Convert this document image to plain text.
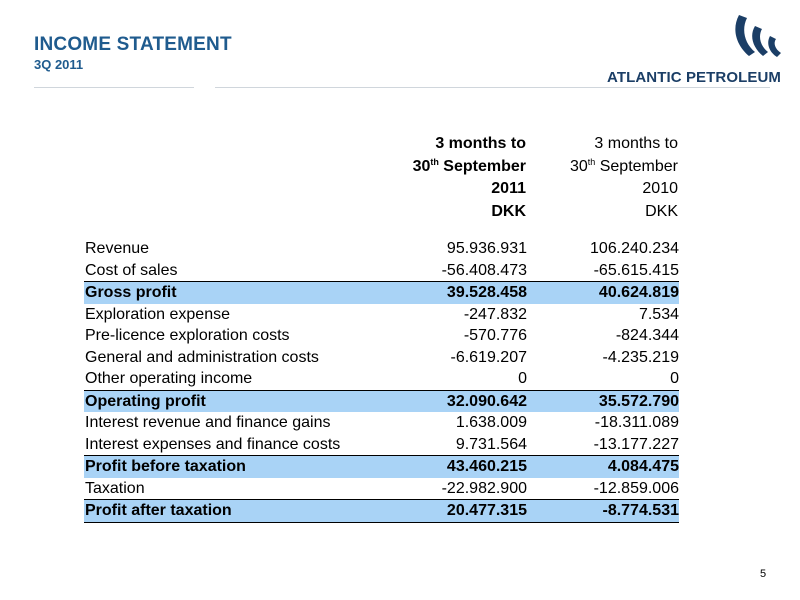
INCOME STATEMENT
3Q 2011
ATLANTIC PETROLEUM
3 months to
30th September
2011
DKK
3 months to
30th September
2010
DKK
Revenue	95.936.931	106.240.234
Cost of sales	-56.408.473	-65.615.415
Gross profit	39.528.458	40.624.819
Exploration expense	-247.832	7.534
Pre-licence exploration costs	-570.776	-824.344
General and administration costs	-6.619.207	-4.235.219
Other operating income	0	0
Operating profit	32.090.642	35.572.790
Interest revenue and finance gains	1.638.009	-18.311.089
Interest expenses and finance costs	9.731.564	-13.177.227
Profit before taxation	43.460.215	4.084.475
Taxation	-22.982.900	-12.859.006
Profit after taxation	20.477.315	-8.774.531
5
